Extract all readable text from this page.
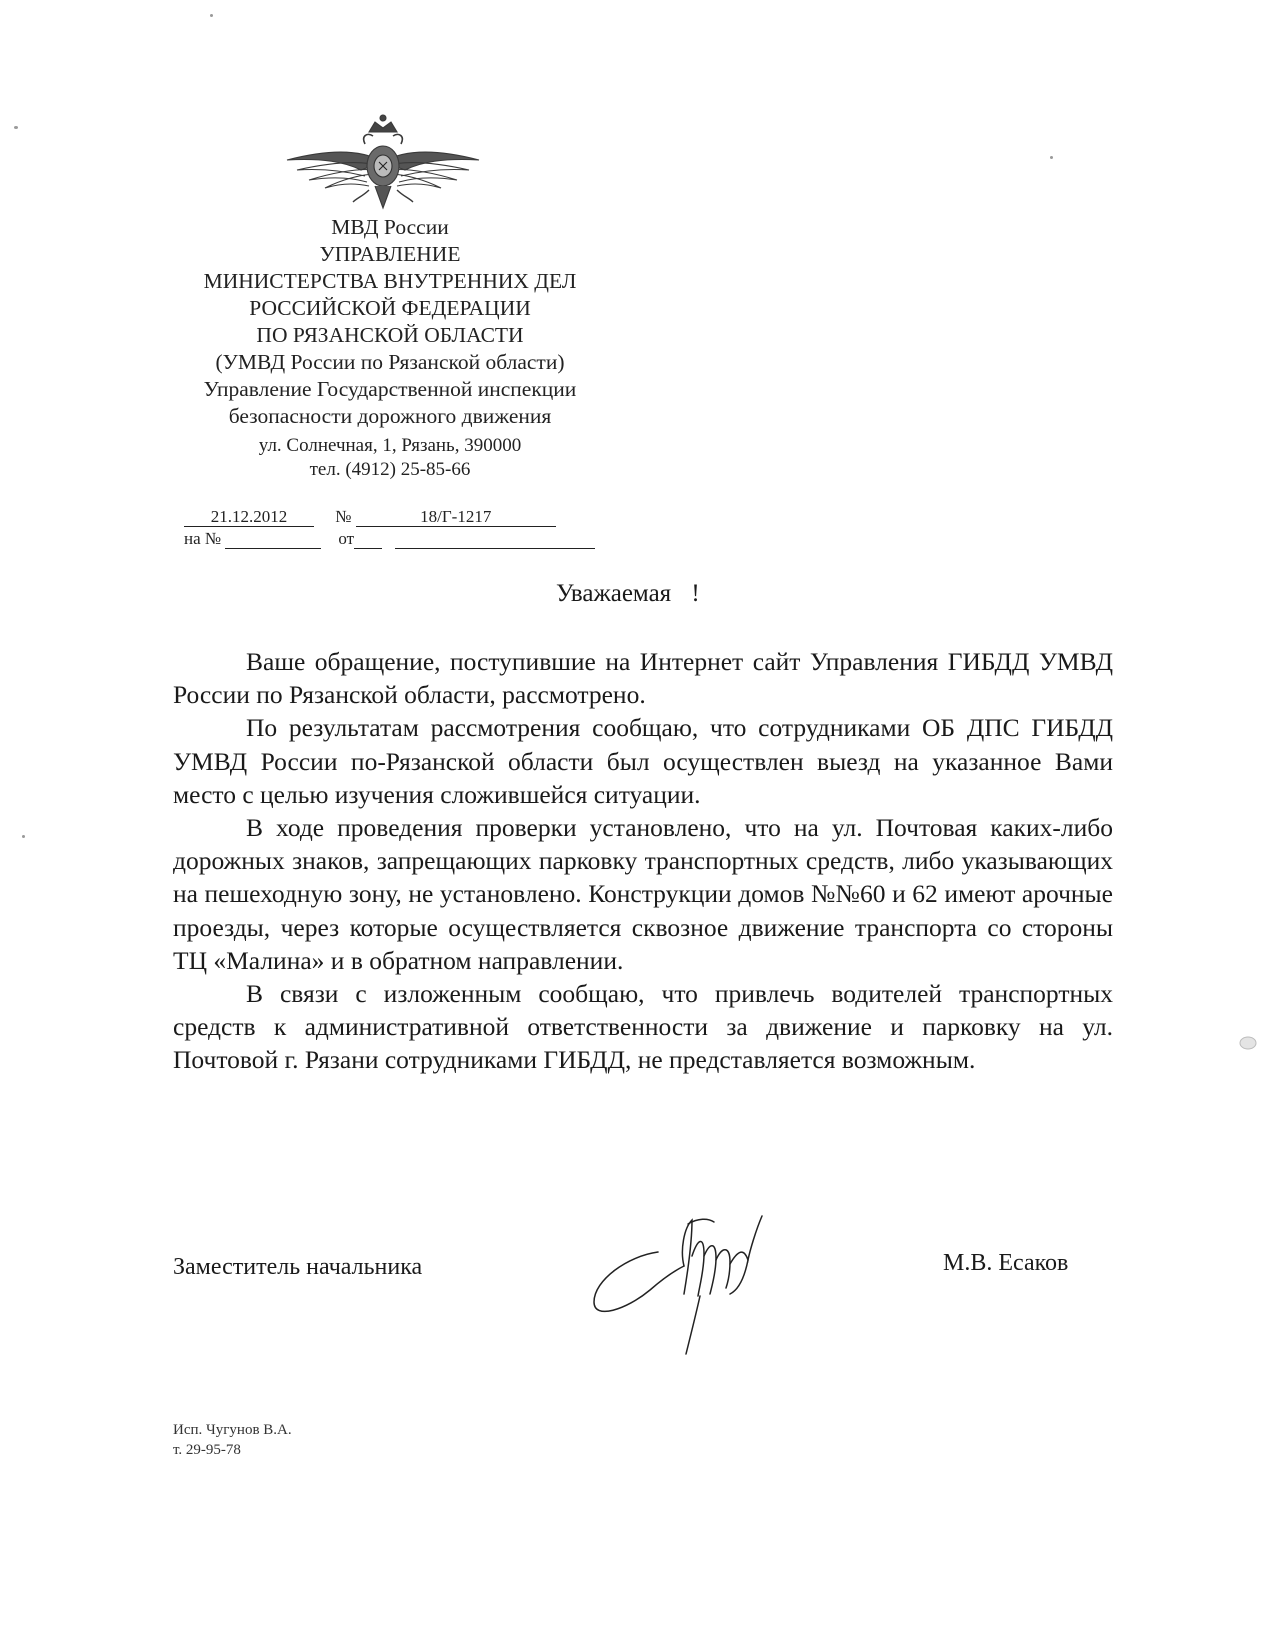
МВД России
УПРАВЛЕНИЕ
МИНИСТЕРСТВА ВНУТРЕННИХ ДЕЛ
РОССИЙСКОЙ ФЕДЕРАЦИИ
ПО РЯЗАНСКОЙ ОБЛАСТИ
(УМВД России по Рязанской области)
Управление Государственной инспекции
безопасности дорожного движения
ул. Солнечная, 1, Рязань, 390000
тел. (4912) 25-85-66
21.12.2012	№	18/Г-1217
на №	от
Уважаемая !

Ваше обращение, поступившие на Интернет сайт Управления ГИБДД УМВД России по Рязанской области, рассмотрено.

По результатам рассмотрения сообщаю, что сотрудниками ОБ ДПС ГИБДД УМВД России по-Рязанской области был осуществлен выезд на указанное Вами место с целью изучения сложившейся ситуации.

В ходе проведения проверки установлено, что на ул. Почтовая каких-либо дорожных знаков, запрещающих парковку транспортных средств, либо указывающих на пешеходную зону, не установлено. Конструкции домов №№60 и 62 имеют арочные проезды, через которые осуществляется сквозное движение транспорта со стороны ТЦ «Малина» и в обратном направлении.

В связи с изложенным сообщаю, что привлечь водителей транспортных средств к административной ответственности за движение и парковку на ул. Почтовой г. Рязани сотрудниками ГИБДД, не представляется возможным.

Заместитель начальника	М.В. Есаков
Исп. Чугунов В.А.
т. 29-95-78
